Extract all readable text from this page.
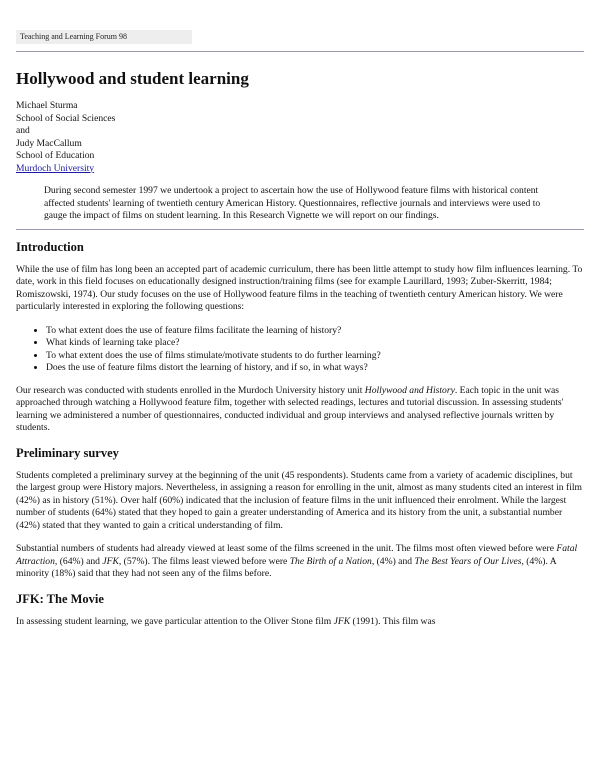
Teaching and Learning Forum 98
Hollywood and student learning
Michael Sturma
School of Social Sciences
and
Judy MacCallum
School of Education
Murdoch University
During second semester 1997 we undertook a project to ascertain how the use of Hollywood feature films with historical content affected students' learning of twentieth century American History. Questionnaires, reflective journals and interviews were used to gauge the impact of films on student learning. In this Research Vignette we will report on our findings.
Introduction

While the use of film has long been an accepted part of academic curriculum, there has been little attempt to study how film influences learning. To date, work in this field focuses on educationally designed instruction/training films (see for example Laurillard, 1993; Zuber-Skerritt, 1984; Romiszowski, 1974). Our study focuses on the use of Hollywood feature films in the teaching of twentieth century American history. We were particularly interested in exploring the following questions:

• To what extent does the use of feature films facilitate the learning of history?
• What kinds of learning take place?
• To what extent does the use of films stimulate/motivate students to do further learning?
• Does the use of feature films distort the learning of history, and if so, in what ways?

Our research was conducted with students enrolled in the Murdoch University history unit Hollywood and History. Each topic in the unit was approached through watching a Hollywood feature film, together with selected readings, lectures and tutorial discussion. In assessing students' learning we administered a number of questionnaires, conducted individual and group interviews and analysed reflective journals written by students.

Preliminary survey

Students completed a preliminary survey at the beginning of the unit (45 respondents). Students came from a variety of academic disciplines, but the largest group were History majors. Nevertheless, in assigning a reason for enrolling in the unit, almost as many students cited an interest in film (42%) as in history (51%). Over half (60%) indicated that the inclusion of feature films in the unit influenced their enrolment. While the largest number of students (64%) stated that they hoped to gain a greater understanding of America and its history from the unit, a substantial number (42%) stated that they wanted to gain a critical understanding of film.

Substantial numbers of students had already viewed at least some of the films screened in the unit. The films most often viewed before were Fatal Attraction, (64%) and JFK, (57%). The films least viewed before were The Birth of a Nation, (4%) and The Best Years of Our Lives, (4%). A minority (18%) said that they had not seen any of the films before.

JFK: The Movie

In assessing student learning, we gave particular attention to the Oliver Stone film JFK (1991). This film was
